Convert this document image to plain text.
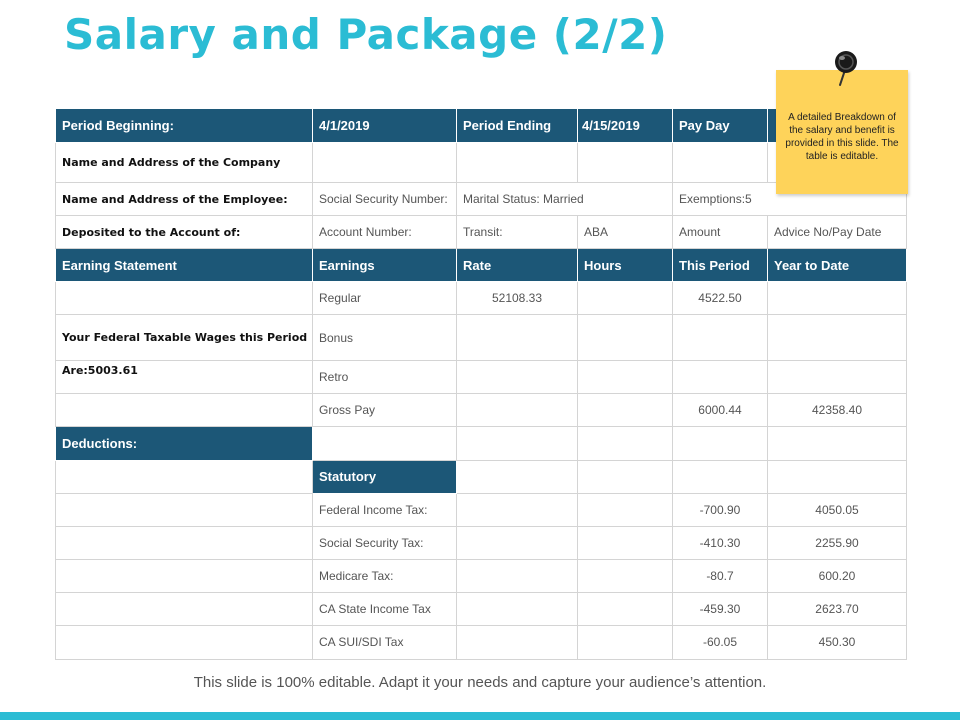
Salary and Package (2/2)
Period Beginning:	4/1/2019	Period Ending	4/15/2019	Pay Day	
Name and Address of the Company					
Name and Address of the Employee:	Social Security Number:	Marital Status: Married		Exemptions:5	
Deposited to the Account of:	Account Number:	Transit:	ABA	Amount	Advice No/Pay Date
Earning Statement	Earnings	Rate	Hours	This Period	Year to Date
	Regular	52108.33		4522.50	
Your Federal Taxable Wages this Period	Bonus				
Are:5003.61	Retro				
	Gross Pay			6000.44	42358.40
Deductions:					
	Statutory				
	Federal Income Tax:			-700.90	4050.05
	Social Security Tax:			-410.30	2255.90
	Medicare Tax:			-80.7	600.20
	CA State Income Tax			-459.30	2623.70
	CA SUI/SDI Tax			-60.05	450.30

A detailed Breakdown of the salary and benefit is provided in this slide. The table is editable.

This slide is 100% editable. Adapt it your needs and capture your audience’s attention.
